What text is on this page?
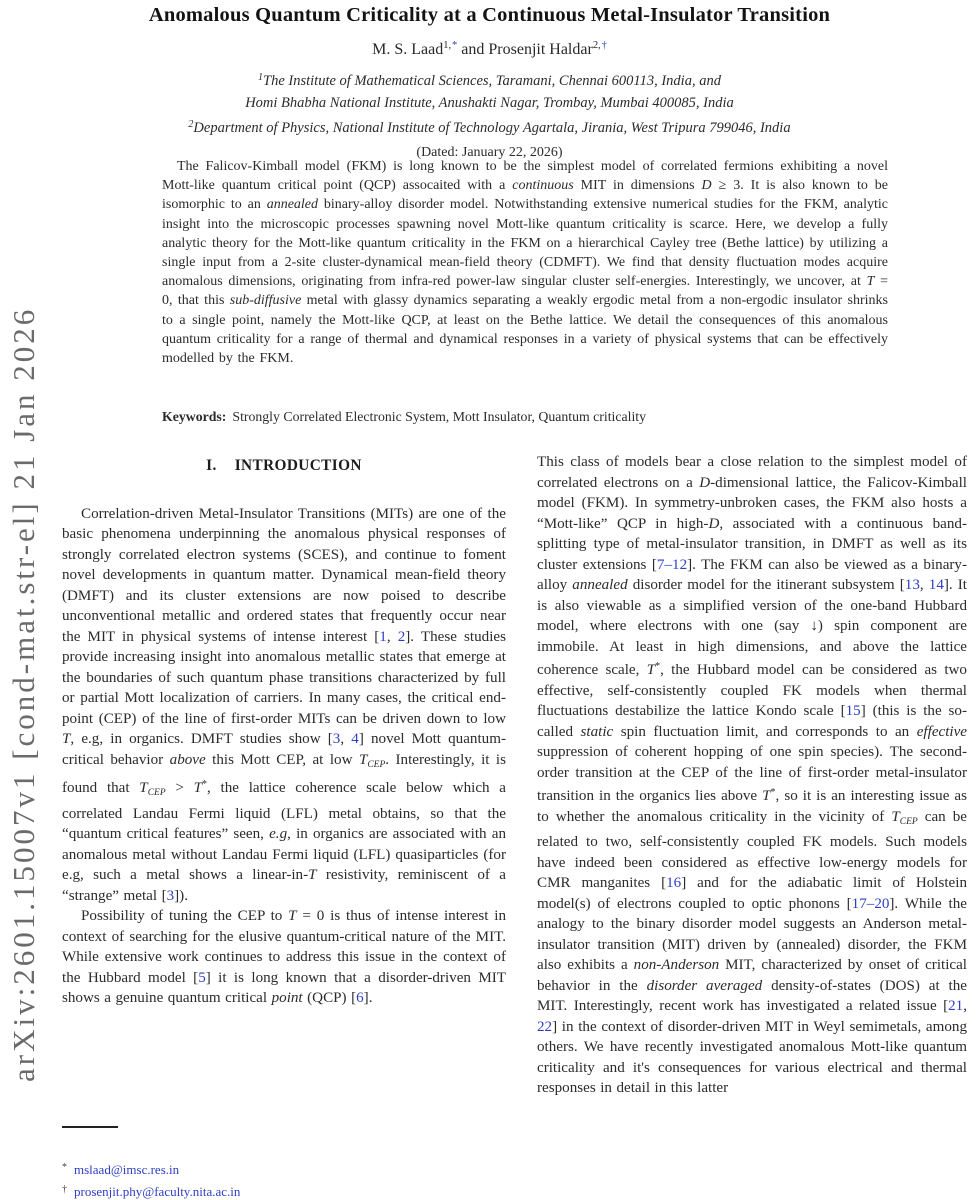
arXiv:2601.15007v1 [cond-mat.str-el] 21 Jan 2026
Anomalous Quantum Criticality at a Continuous Metal-Insulator Transition
M. S. Laad$^{1, *}$ and Prosenjit Haldar$^{2, \dagger}$
$^1$The Institute of Mathematical Sciences, Taramani, Chennai 600113, India, and
Homi Bhabha National Institute, Anushakti Nagar, Trombay, Mumbai 400085, India
$^2$Department of Physics, National Institute of Technology Agartala, Jirania, West Tripura 799046, India
(Dated: January 22, 2026)
The Falicov-Kimball model (FKM) is long known to be the simplest model of correlated fermions exhibiting a novel Mott-like quantum critical point (QCP) assocaited with a continuous MIT in dimensions D ≥ 3. It is also known to be isomorphic to an annealed binary-alloy disorder model. Notwithstanding extensive numerical studies for the FKM, analytic insight into the microscopic processes spawning novel Mott-like quantum criticality is scarce. Here, we develop a fully analytic theory for the Mott-like quantum criticality in the FKM on a hierarchical Cayley tree (Bethe lattice) by utilizing a single input from a 2-site cluster-dynamical mean-field theory (CDMFT). We find that density fluctuation modes acquire anomalous dimensions, originating from infra-red power-law singular cluster self-energies. Interestingly, we uncover, at T = 0, that this sub-diffusive metal with glassy dynamics separating a weakly ergodic metal from a non-ergodic insulator shrinks to a single point, namely the Mott-like QCP, at least on the Bethe lattice. We detail the consequences of this anomalous quantum criticality for a range of thermal and dynamical responses in a variety of physical systems that can be effectively modelled by the FKM.
Keywords: Strongly Correlated Electronic System, Mott Insulator, Quantum criticality
I. INTRODUCTION

Correlation-driven Metal-Insulator Transitions (MITs) are one of the basic phenomena underpinning the anomalous physical responses of strongly correlated electron systems (SCES), and continue to foment novel developments in quantum matter. Dynamical mean-field theory (DMFT) and its cluster extensions are now poised to describe unconventional metallic and ordered states that frequently occur near the MIT in physical systems of intense interest [1, 2]. These studies provide increasing insight into anomalous metallic states that emerge at the boundaries of such quantum phase transitions characterized by full or partial Mott localization of carriers. In many cases, the critical end-point (CEP) of the line of first-order MITs can be driven down to low T, e.g, in organics. DMFT studies show [3, 4] novel Mott quantum-critical behavior above this Mott CEP, at low $T_{CEP}$. Interestingly, it is found that $T_{CEP} > T^*$, the lattice coherence scale below which a correlated Landau Fermi liquid (LFL) metal obtains, so that the “quantum critical features” seen, e.g, in organics are associated with an anomalous metal without Landau Fermi liquid (LFL) quasiparticles (for e.g, such a metal shows a linear-in-T resistivity, reminiscent of a “strange” metal [3]).

Possibility of tuning the CEP to T = 0 is thus of intense interest in context of searching for the elusive quantum-critical nature of the MIT. While extensive work continues to address this issue in the context of the Hubbard model [5] it is long known that a disorder-driven MIT shows a genuine quantum critical point (QCP) [6].

This class of models bear a close relation to the simplest model of correlated electrons on a D-dimensional lattice, the Falicov-Kimball model (FKM). In symmetry-unbroken cases, the FKM also hosts a “Mott-like” QCP in high-D, associated with a continuous band-splitting type of metal-insulator transition, in DMFT as well as its cluster extensions [7–12]. The FKM can also be viewed as a binary-alloy annealed disorder model for the itinerant subsystem [13, 14]. It is also viewable as a simplified version of the one-band Hubbard model, where electrons with one (say ↓) spin component are immobile. At least in high dimensions, and above the lattice coherence scale, T*, the Hubbard model can be considered as two effective, self-consistently coupled FK models when thermal fluctuations destabilize the lattice Kondo scale [15] (this is the so-called static spin fluctuation limit, and corresponds to an effective suppression of coherent hopping of one spin species). The second-order transition at the CEP of the line of first-order metal-insulator transition in the organics lies above T*, so it is an interesting issue as to whether the anomalous criticality in the vicinity of $T_{CEP}$ can be related to two, self-consistently coupled FK models. Such models have indeed been considered as effective low-energy models for CMR manganites [16] and for the adiabatic limit of Holstein model(s) of electrons coupled to optic phonons [17–20]. While the analogy to the binary disorder model suggests an Anderson metal-insulator transition (MIT) driven by (annealed) disorder, the FKM also exhibits a non-Anderson MIT, characterized by onset of critical behavior in the disorder averaged density-of-states (DOS) at the MIT. Interestingly, recent work has investigated a related issue [21, 22] in the context of disorder-driven MIT in Weyl semimetals, among others. We have recently investigated anomalous Mott-like quantum criticality and it's consequences for various electrical and thermal responses in detail in this latter

* mslaad@imsc.res.in
† prosenjit.phy@faculty.nita.ac.in
